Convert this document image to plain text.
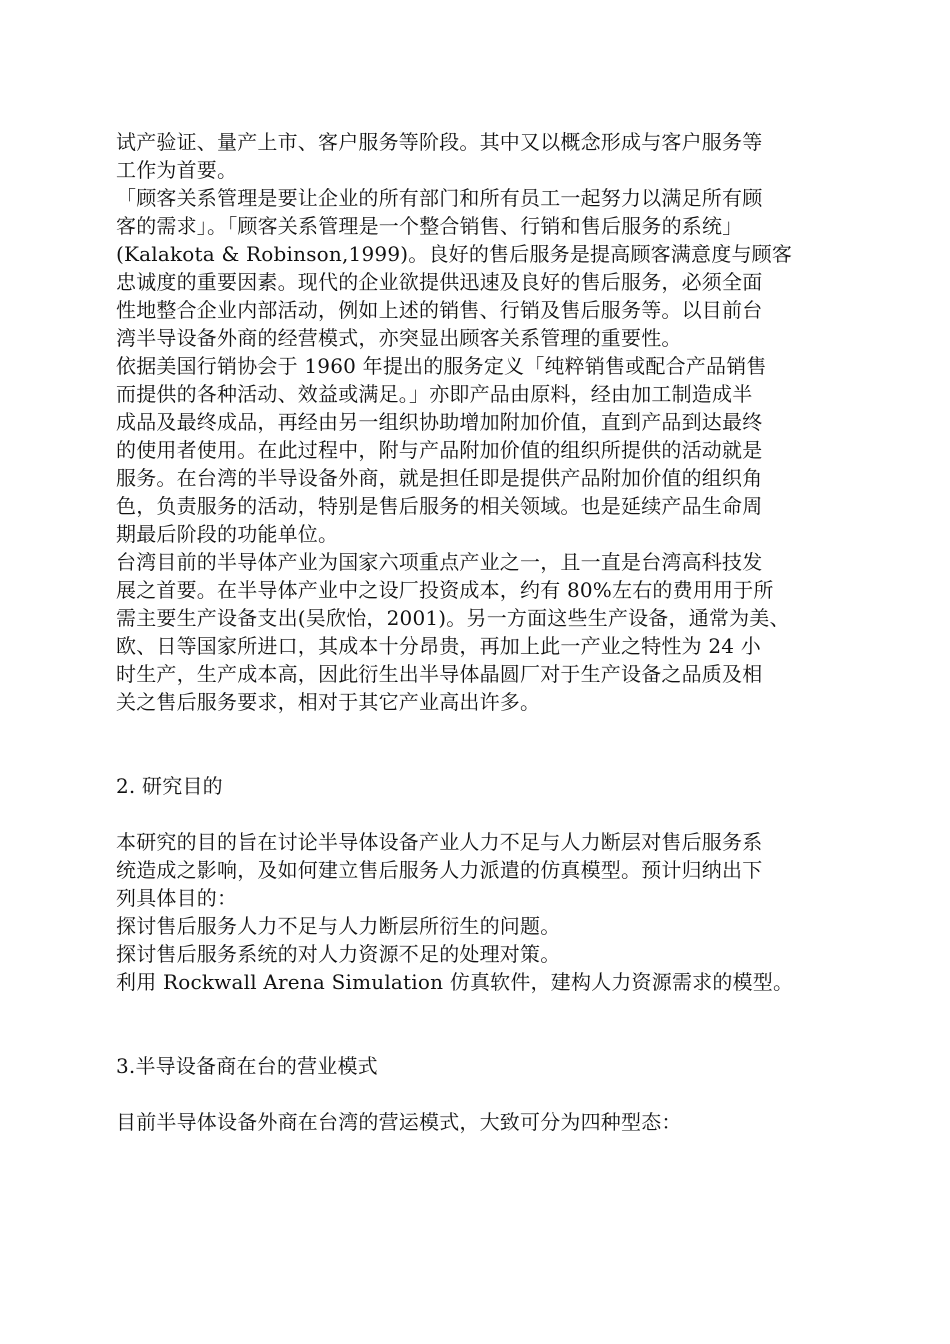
试产验证、量产上市、客户服务等阶段。其中又以概念形成与客户服务等
工作为首要。
「顾客关系管理是要让企业的所有部门和所有员工一起努力以满足所有顾
客的需求」。「顾客关系管理是一个整合销售、行销和售后服务的系统」
(Kalakota & Robinson,1999)。良好的售后服务是提高顾客满意度与顾客
忠诚度的重要因素。现代的企业欲提供迅速及良好的售后服务，必须全面
性地整合企业内部活动，例如上述的销售、行销及售后服务等。以目前台
湾半导设备外商的经营模式，亦突显出顾客关系管理的重要性。
依据美国行销协会于 1960 年提出的服务定义「纯粹销售或配合产品销售
而提供的各种活动、效益或满足。」亦即产品由原料，经由加工制造成半
成品及最终成品，再经由另一组织协助增加附加价值，直到产品到达最终
的使用者使用。在此过程中，附与产品附加价值的组织所提供的活动就是
服务。在台湾的半导设备外商，就是担任即是提供产品附加价值的组织角
色，负责服务的活动，特别是售后服务的相关领域。也是延续产品生命周
期最后阶段的功能单位。
台湾目前的半导体产业为国家六项重点产业之一，且一直是台湾高科技发
展之首要。在半导体产业中之设厂投资成本，约有 80%左右的费用用于所
需主要生产设备支出(吴欣怡，2001)。另一方面这些生产设备，通常为美、
欧、日等国家所进口，其成本十分昂贵，再加上此一产业之特性为 24 小
时生产，生产成本高，因此衍生出半导体晶圆厂对于生产设备之品质及相
关之售后服务要求，相对于其它产业高出许多。
2. 研究目的
本研究的目的旨在讨论半导体设备产业人力不足与人力断层对售后服务系
统造成之影响，及如何建立售后服务人力派遣的仿真模型。预计归纳出下
列具体目的：
探讨售后服务人力不足与人力断层所衍生的问题。
探讨售后服务系统的对人力资源不足的处理对策。
利用 Rockwall Arena Simulation 仿真软件，建构人力资源需求的模型。
3.半导设备商在台的营业模式
目前半导体设备外商在台湾的营运模式，大致可分为四种型态：
